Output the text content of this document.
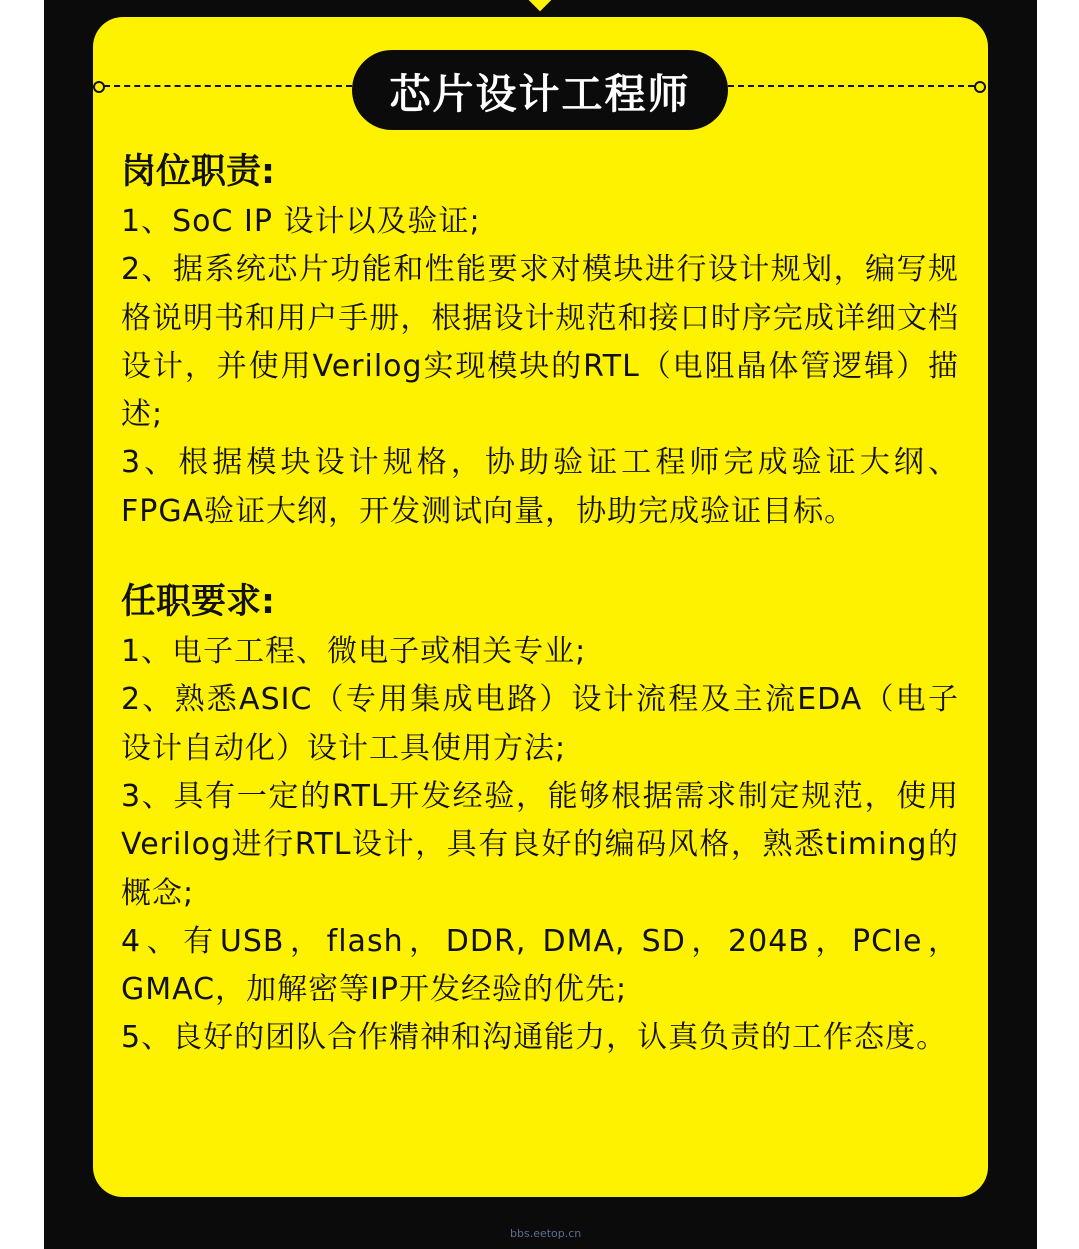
芯片设计工程师

岗位职责:

1、SoC IP 设计以及验证;

2、据系统芯片功能和性能要求对模块进行设计规划，编写规格说明书和用户手册，根据设计规范和接口时序完成详细文档设计，并使用Verilog实现模块的RTL（电阻晶体管逻辑）描述;

3、根据模块设计规格，协助验证工程师完成验证大纲、FPGA验证大纲，开发测试向量，协助完成验证目标。

任职要求:

1、电子工程、微电子或相关专业;

2、熟悉ASIC（专用集成电路）设计流程及主流EDA（电子设计自动化）设计工具使用方法;

3、具有一定的RTL开发经验，能够根据需求制定规范，使用Verilog进行RTL设计，具有良好的编码风格，熟悉timing的概念;

4、有USB，flash，DDR, DMA, SD，204B，PCIe，GMAC，加解密等IP开发经验的优先;

5、良好的团队合作精神和沟通能力，认真负责的工作态度。

bbs.eetop.cn
